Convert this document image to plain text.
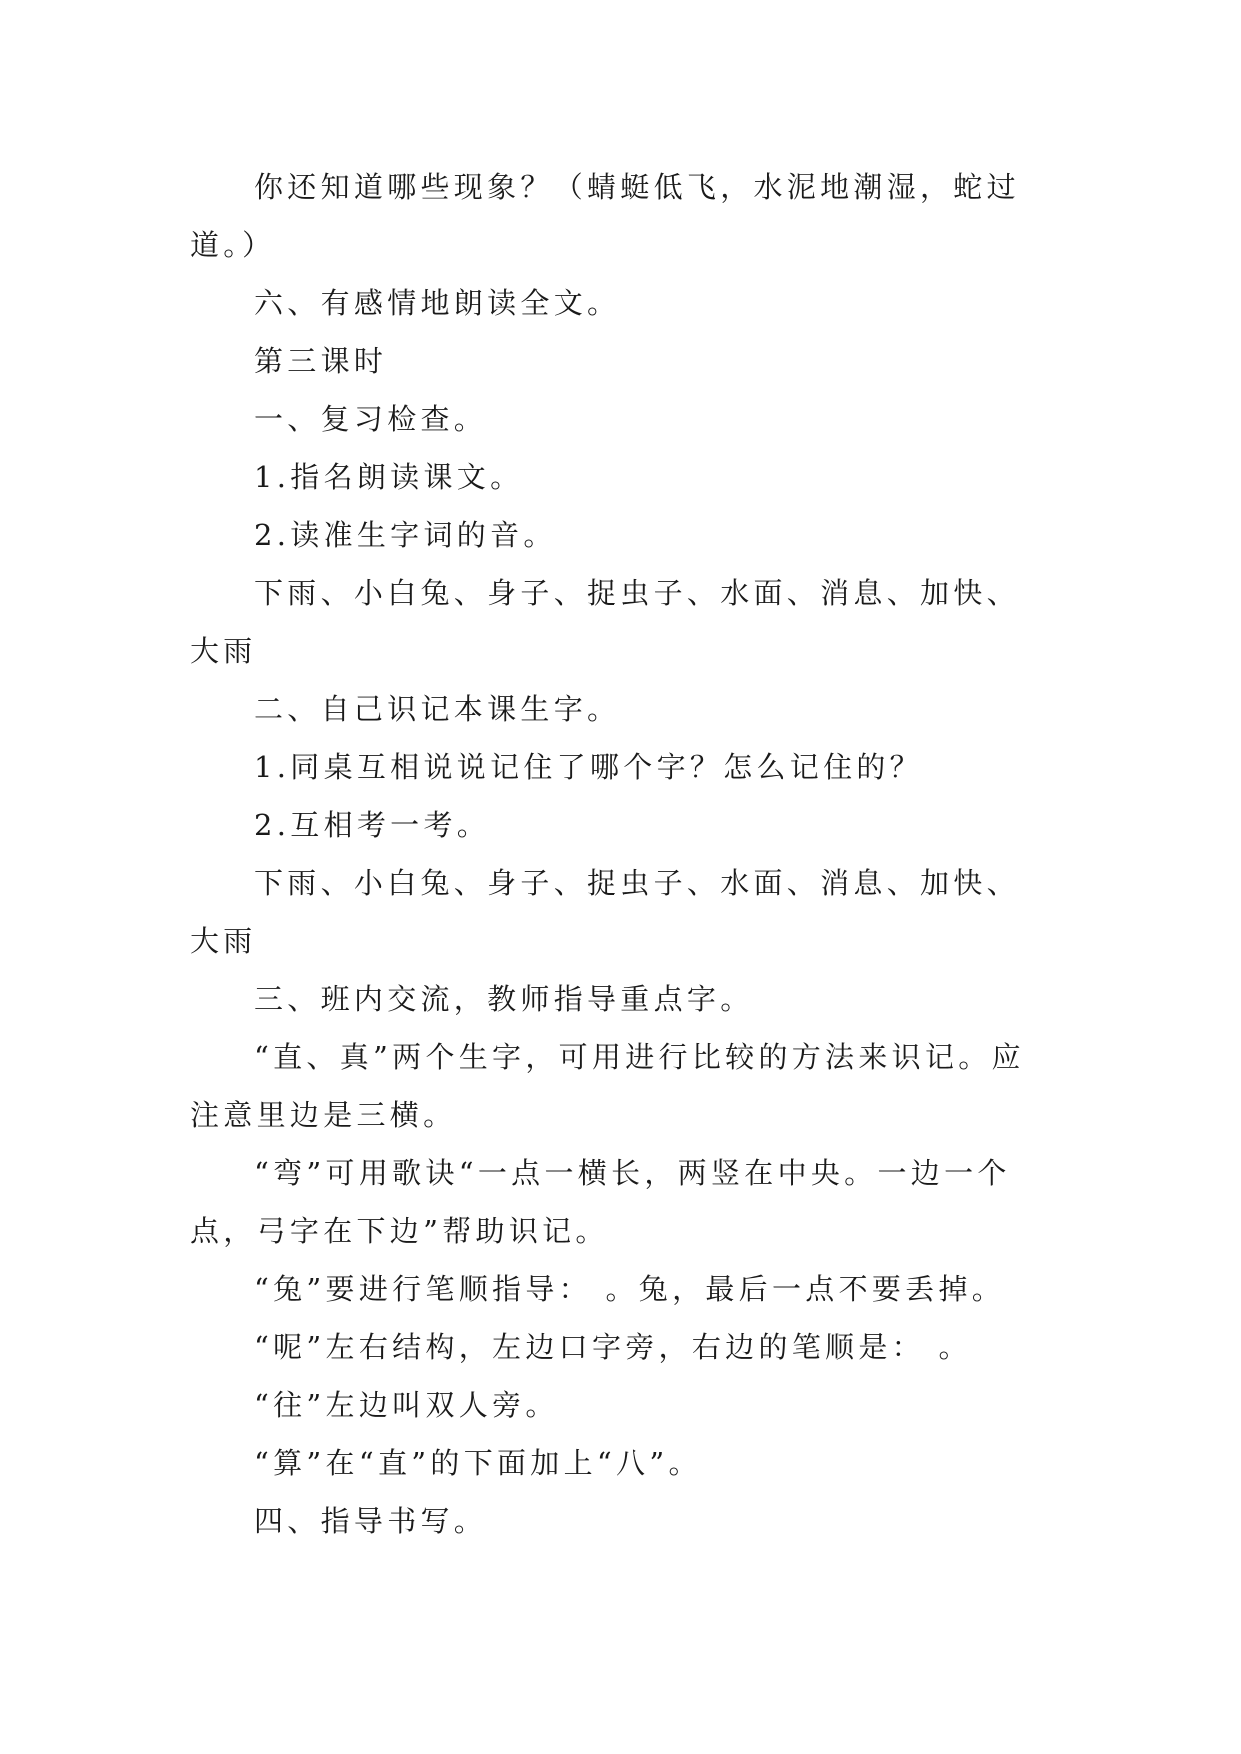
你还知道哪些现象？（蜻蜓低飞，水泥地潮湿，蛇过道。）

六、有感情地朗读全文。

第三课时

一、复习检查。

1.指名朗读课文。

2.读准生字词的音。

下雨、小白兔、身子、捉虫子、水面、消息、加快、大雨

二、自己识记本课生字。

1.同桌互相说说记住了哪个字？怎么记住的？

2.互相考一考。

下雨、小白兔、身子、捉虫子、水面、消息、加快、大雨

三、班内交流，教师指导重点字。

“直、真”两个生字，可用进行比较的方法来识记。应注意里边是三横。

“弯”可用歌诀“一点一横长，两竖在中央。一边一个点，弓字在下边”帮助识记。

“兔”要进行笔顺指导： 。兔，最后一点不要丢掉。

“呢”左右结构，左边口字旁，右边的笔顺是： 。

“往”左边叫双人旁。

“算”在“直”的下面加上“八”。

四、指导书写。
